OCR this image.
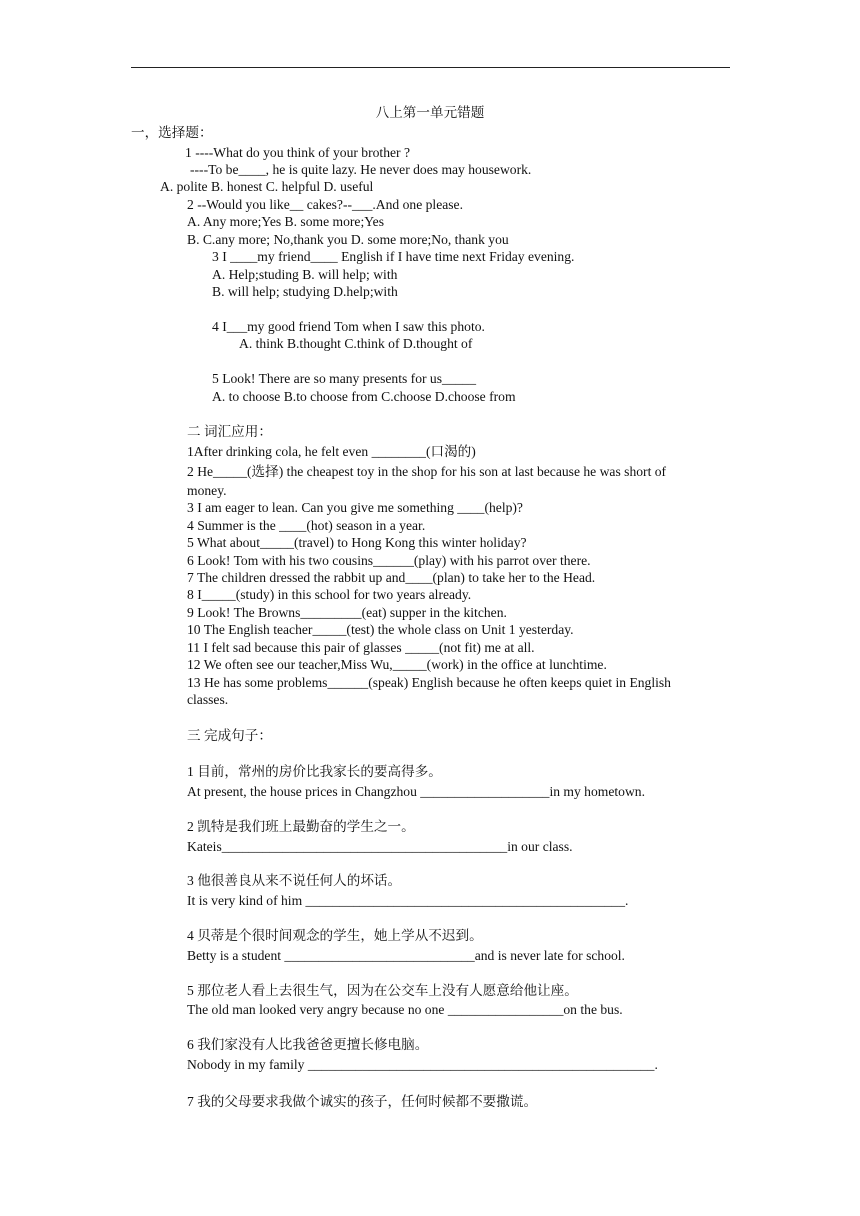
八上第一单元错题
一，选择题：
1 ----What do you think of your brother ?
----To be____, he is quite lazy. He never does may housework.
A. polite B. honest C. helpful D. useful
2 --Would you like__ cakes?--___.And one please.
A. Any more;Yes B. some more;Yes
B. C.any more; No,thank you D. some more;No, thank you
3 I ____my friend____ English if I have time next Friday evening.
A. Help;studing B. will help; with
B. will help; studying D.help;with
4 I___my good friend Tom when I saw this photo.
A. think B.thought C.think of D.thought of
5 Look! There are so many presents for us_____
A. to choose B.to choose from C.choose D.choose from
二 词汇应用：
1After drinking cola, he felt even ________(口渴的)
2 He_____(选择) the cheapest toy in the shop for his son at last because he was short of
money.
3 I am eager to lean. Can you give me something ____(help)?
4 Summer is the ____(hot) season in a year.
5 What about_____(travel) to Hong Kong this winter holiday?
6 Look! Tom with his two cousins______(play) with his parrot over there.
7 The children dressed the rabbit up and____(plan) to take her to the Head.
8 I_____(study) in this school for two years already.
9 Look! The Browns_________(eat) supper in the kitchen.
10 The English teacher_____(test) the whole class on Unit 1 yesterday.
11 I felt sad because this pair of glasses _____(not fit) me at all.
12 We often see our teacher,Miss Wu,_____(work) in the office at lunchtime.
13 He has some problems______(speak) English because he often keeps quiet in English
classes.
三 完成句子：
1 目前，常州的房价比我家长的要高得多。
At present, the house prices in Changzhou ___________________in my hometown.
2 凯特是我们班上最勤奋的学生之一。
Kateis__________________________________________in our class.
3 他很善良从来不说任何人的坏话。
It is very kind of him _______________________________________________.
4 贝蒂是个很时间观念的学生，她上学从不迟到。
Betty is a student ____________________________and is never late for school.
5 那位老人看上去很生气，因为在公交车上没有人愿意给他让座。
The old man looked very angry because no one _________________on the bus.
6 我们家没有人比我爸爸更擅长修电脑。
Nobody in my family ___________________________________________________.
7 我的父母要求我做个诚实的孩子，任何时候都不要撒谎。
